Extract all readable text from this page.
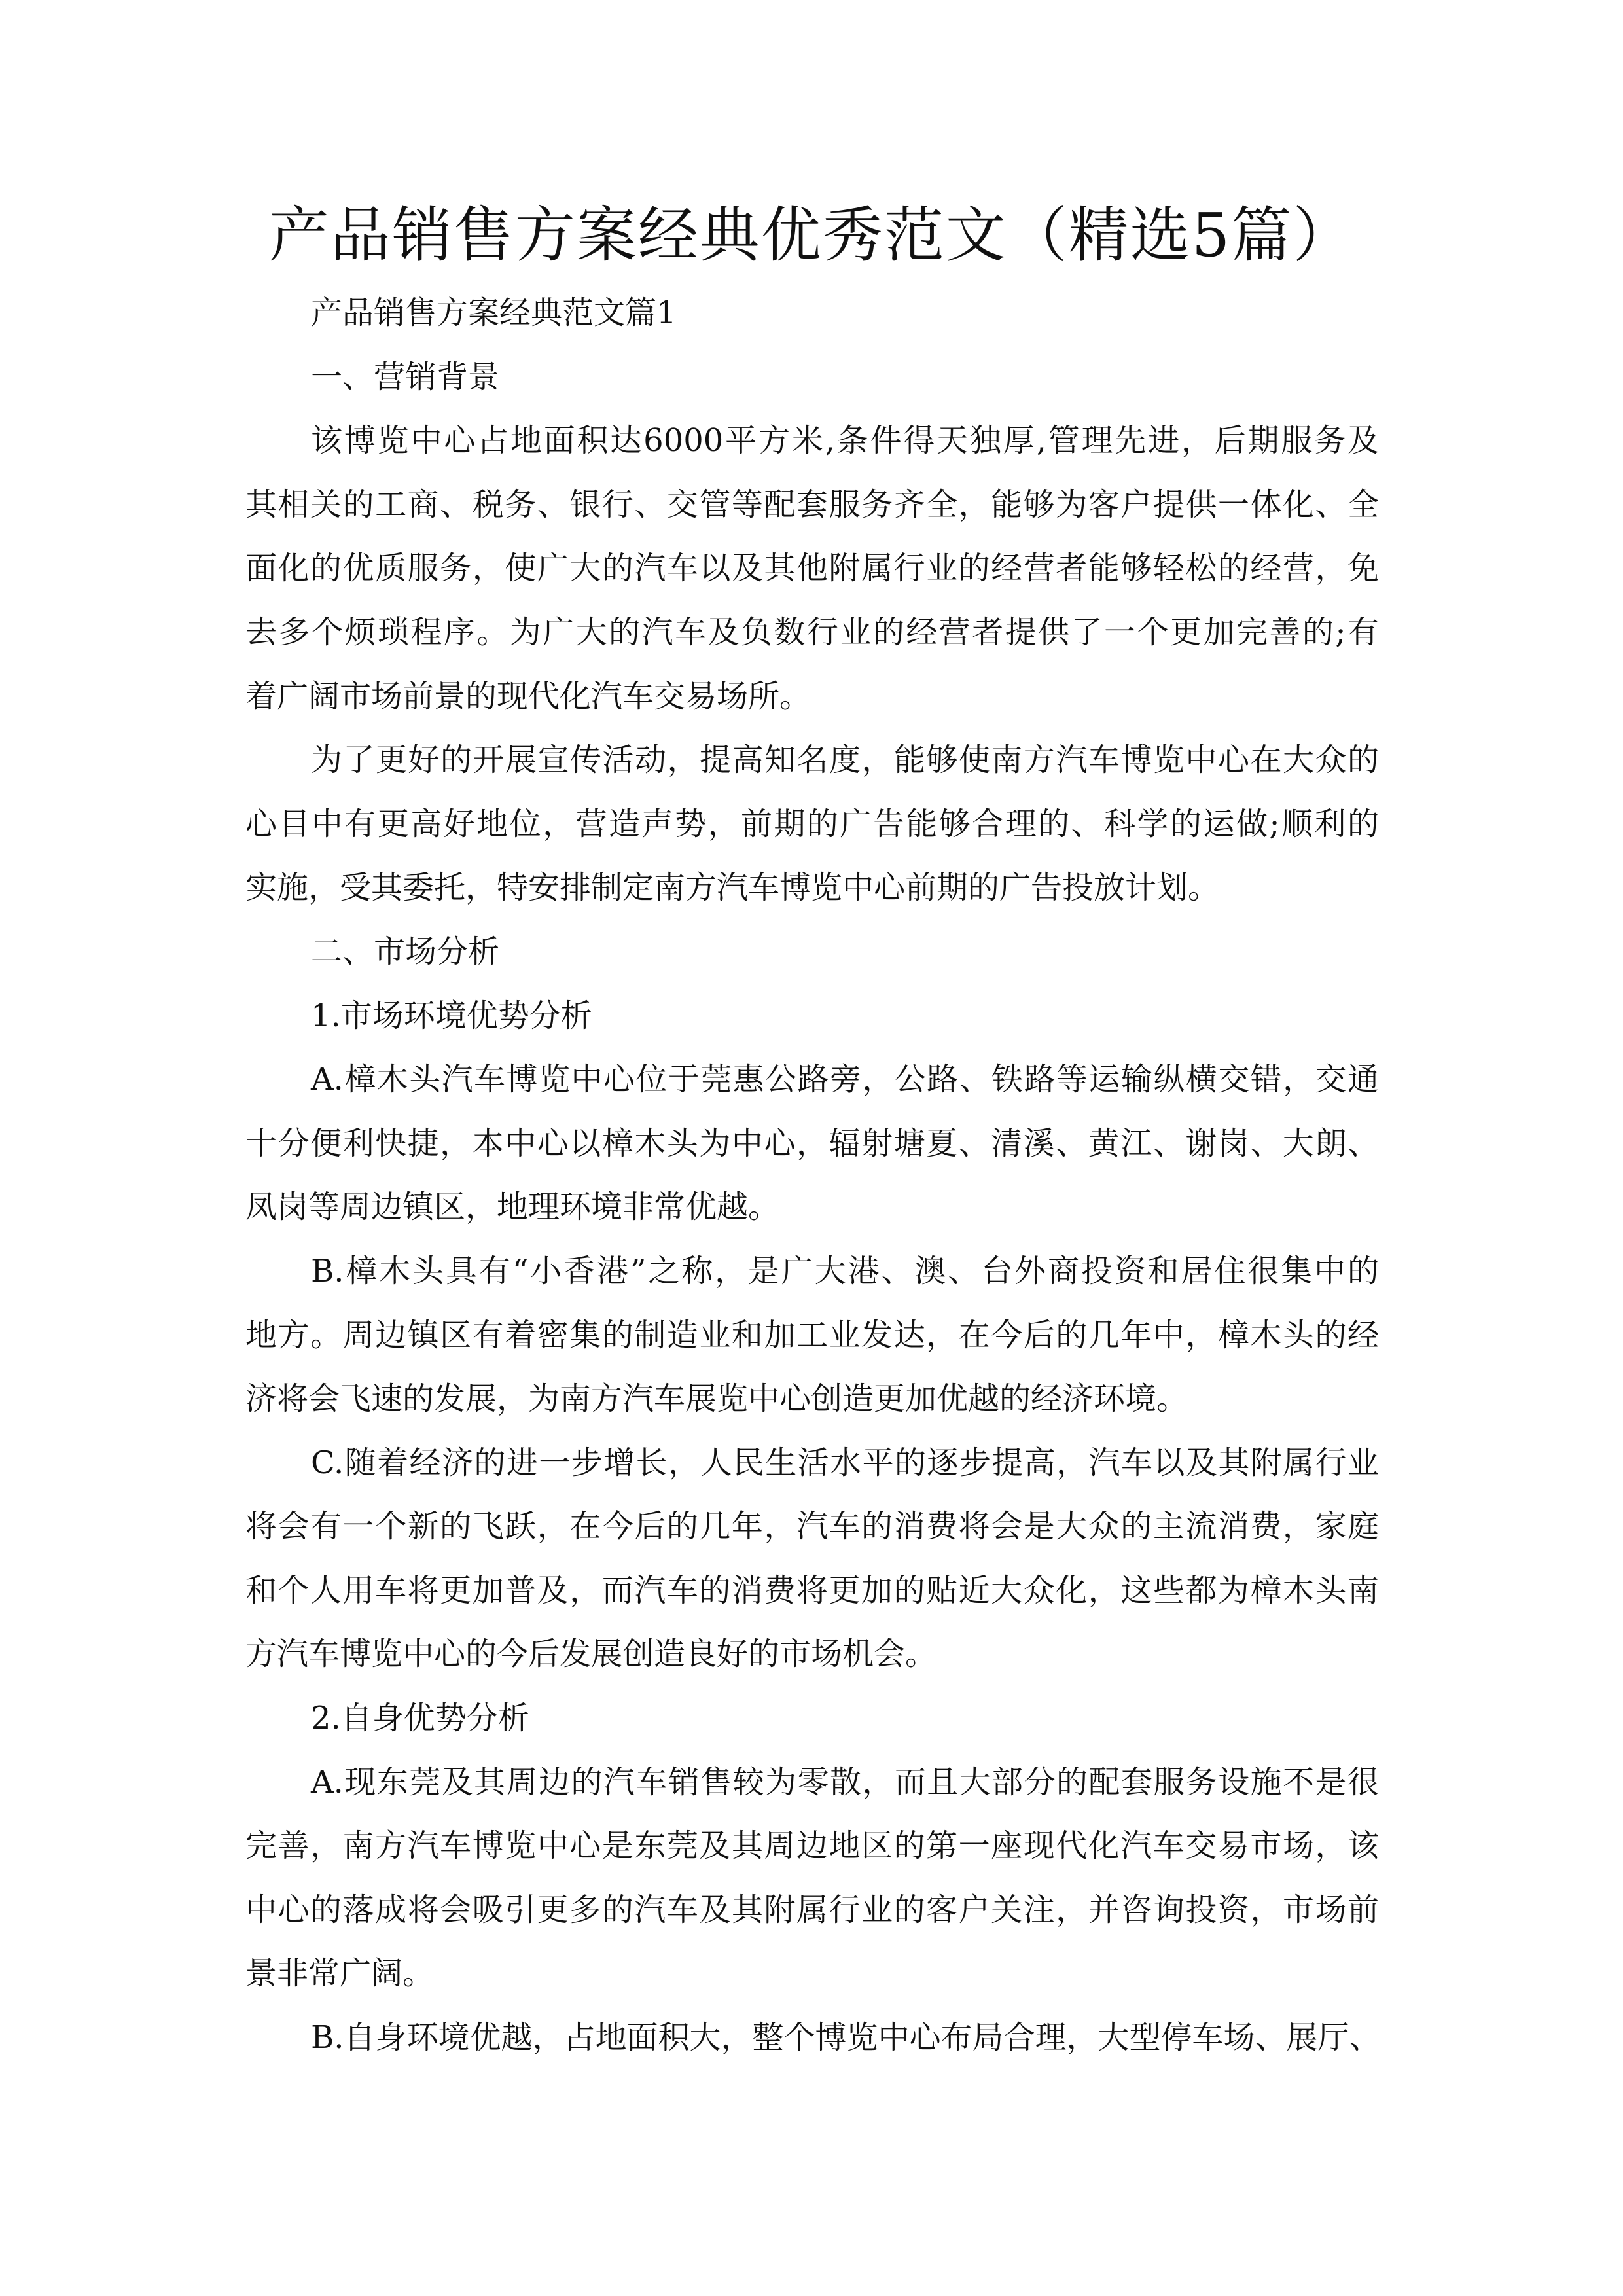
产品销售方案经典优秀范文（精选5篇）
产品销售方案经典范文篇1
一、营销背景
该博览中心占地面积达6000平方米,条件得天独厚,管理先进，后期服务及
其相关的工商、税务、银行、交管等配套服务齐全，能够为客户提供一体化、全
面化的优质服务，使广大的汽车以及其他附属行业的经营者能够轻松的经营，免
去多个烦琐程序。为广大的汽车及负数行业的经营者提供了一个更加完善的;有
着广阔市场前景的现代化汽车交易场所。
为了更好的开展宣传活动，提高知名度，能够使南方汽车博览中心在大众的
心目中有更高好地位，营造声势，前期的广告能够合理的、科学的运做;顺利的
实施，受其委托，特安排制定南方汽车博览中心前期的广告投放计划。
二、市场分析
1.市场环境优势分析
A.樟木头汽车博览中心位于莞惠公路旁，公路、铁路等运输纵横交错，交通
十分便利快捷，本中心以樟木头为中心，辐射塘夏、清溪、黄江、谢岗、大朗、
凤岗等周边镇区，地理环境非常优越。
B.樟木头具有“小香港”之称，是广大港、澳、台外商投资和居住很集中的
地方。周边镇区有着密集的制造业和加工业发达，在今后的几年中，樟木头的经
济将会飞速的发展，为南方汽车展览中心创造更加优越的经济环境。
C.随着经济的进一步增长，人民生活水平的逐步提高，汽车以及其附属行业
将会有一个新的飞跃，在今后的几年，汽车的消费将会是大众的主流消费，家庭
和个人用车将更加普及，而汽车的消费将更加的贴近大众化，这些都为樟木头南
方汽车博览中心的今后发展创造良好的市场机会。
2.自身优势分析
A.现东莞及其周边的汽车销售较为零散，而且大部分的配套服务设施不是很
完善，南方汽车博览中心是东莞及其周边地区的第一座现代化汽车交易市场，该
中心的落成将会吸引更多的汽车及其附属行业的客户关注，并咨询投资，市场前
景非常广阔。
B.自身环境优越，占地面积大，整个博览中心布局合理，大型停车场、展厅、
